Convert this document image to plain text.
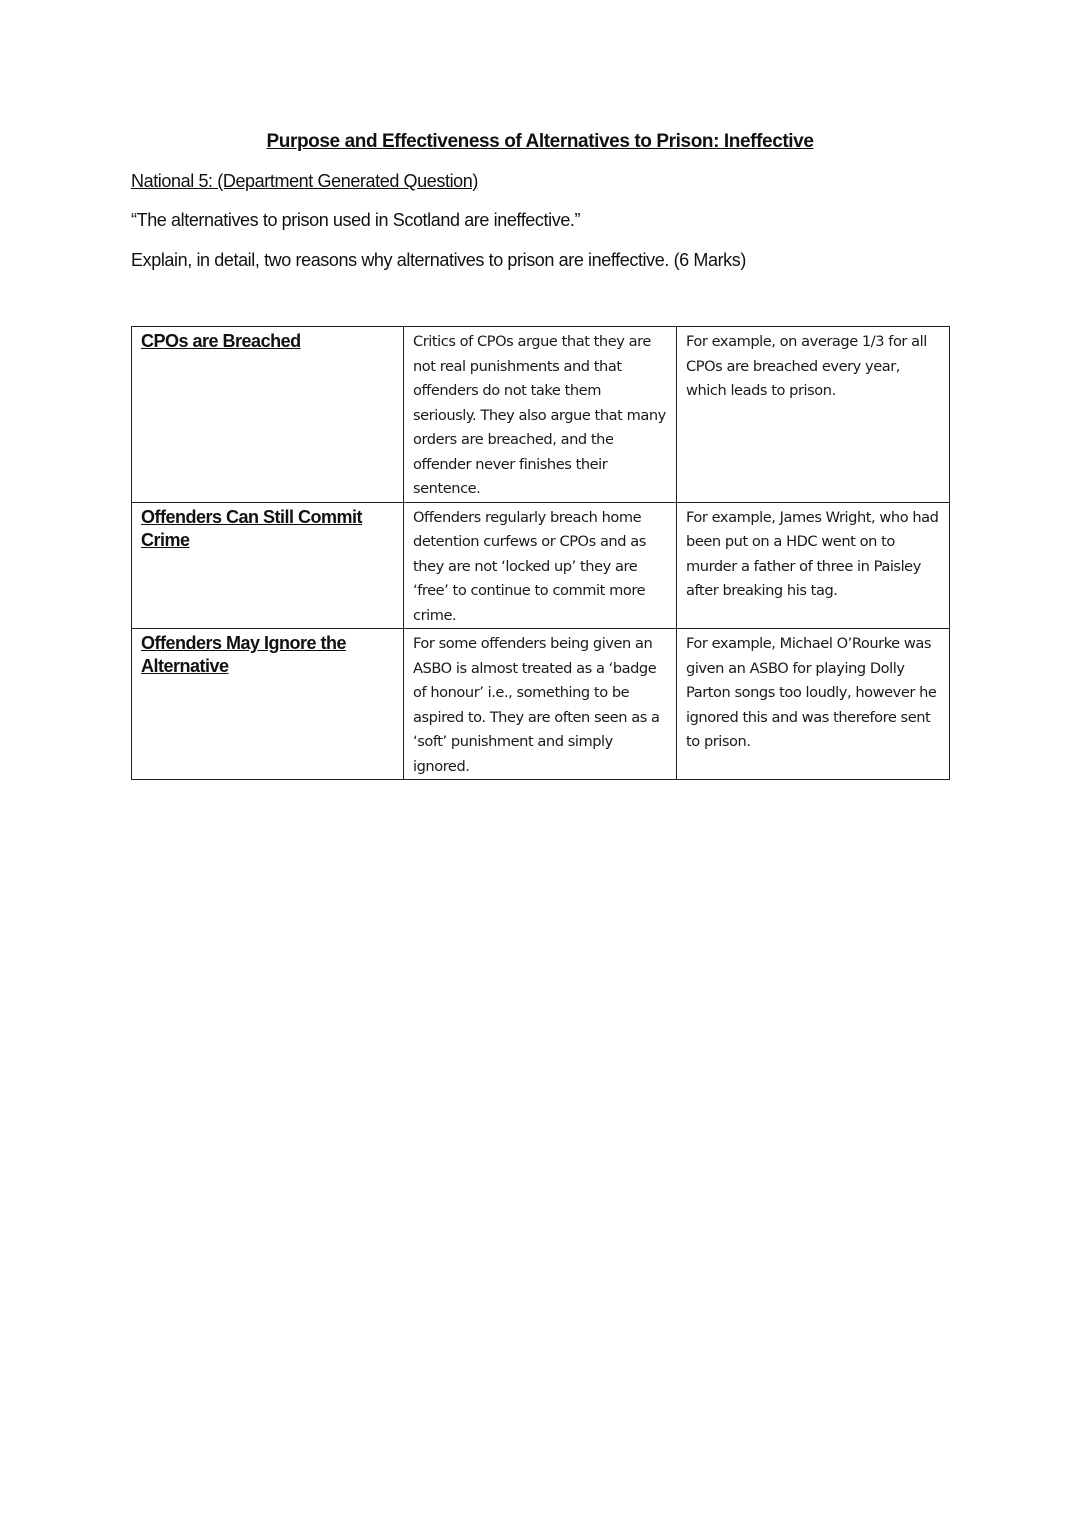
Purpose and Effectiveness of Alternatives to Prison: Ineffective
National 5: (Department Generated Question)
“The alternatives to prison used in Scotland are ineffective.”
Explain, in detail, two reasons why alternatives to prison are ineffective. (6 Marks)
CPOs are Breached	Critics of CPOs argue that they are not real punishments and that offenders do not take them seriously. They also argue that many orders are breached, and the offender never finishes their sentence.	For example, on average 1/3 for all CPOs are breached every year, which leads to prison.

Offenders Can Still Commit Crime	Offenders regularly breach home detention curfews or CPOs and as they are not ‘locked up’ they are ‘free’ to continue to commit more crime.	For example, James Wright, who had been put on a HDC went on to murder a father of three in Paisley after breaking his tag.

Offenders May Ignore the Alternative	For some offenders being given an ASBO is almost treated as a ‘badge of honour’ i.e., something to be aspired to. They are often seen as a ‘soft’ punishment and simply ignored.	For example, Michael O’Rourke was given an ASBO for playing Dolly Parton songs too loudly, however he ignored this and was therefore sent to prison.
